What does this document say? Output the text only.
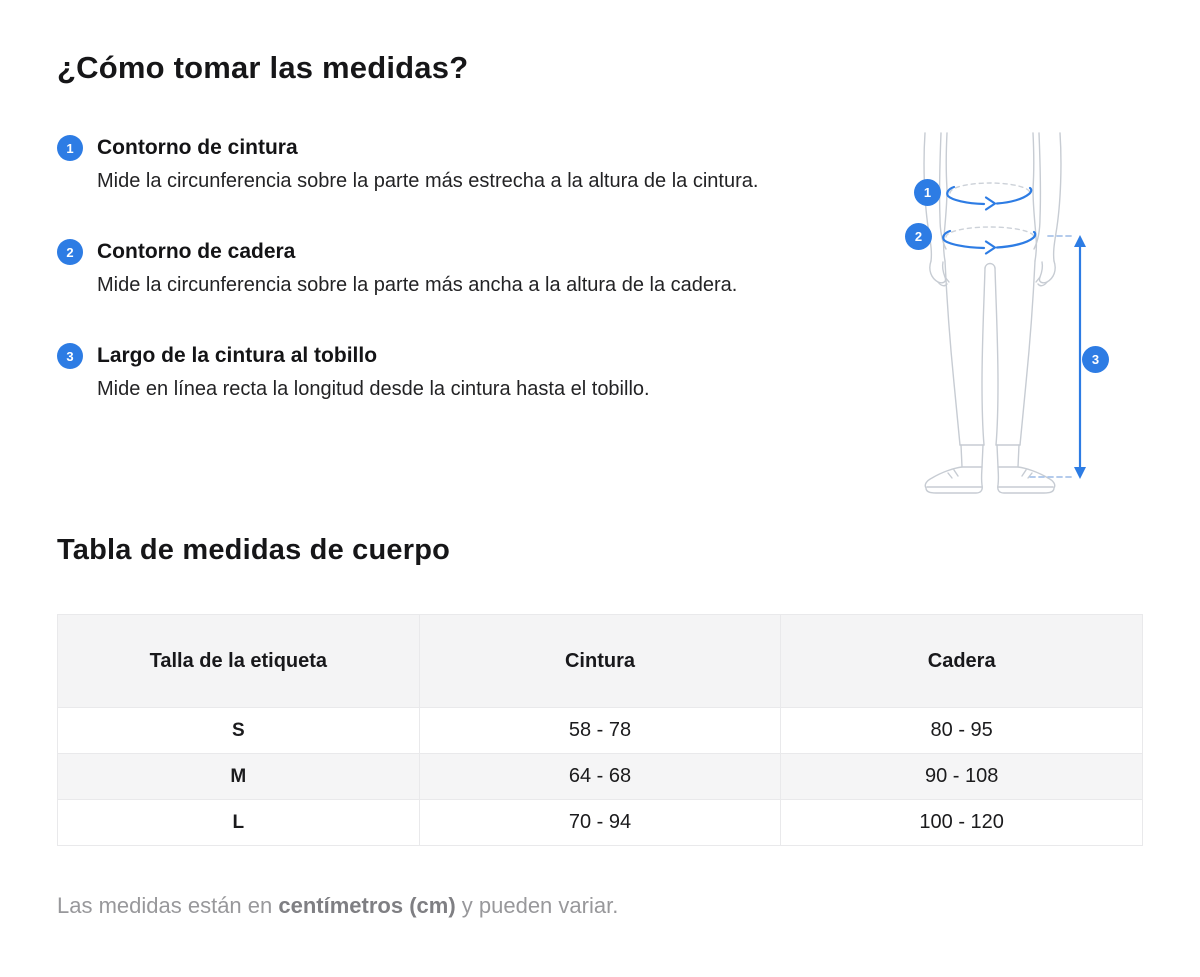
¿Cómo tomar las medidas?
1	Contorno de cintura
Mide la circunferencia sobre la parte más estrecha a la altura de la cintura.
2	Contorno de cadera
Mide la circunferencia sobre la parte más ancha a la altura de la cadera.
3	Largo de la cintura al tobillo
Mide en línea recta la longitud desde la cintura hasta el tobillo.
1
2
3
Tabla de medidas de cuerpo
Talla de la etiqueta	Cintura	Cadera
S	58 - 78	80 - 95
M	64 - 68	90 - 108
L	70 - 94	100 - 120

Las medidas están en centímetros (cm) y pueden variar.
